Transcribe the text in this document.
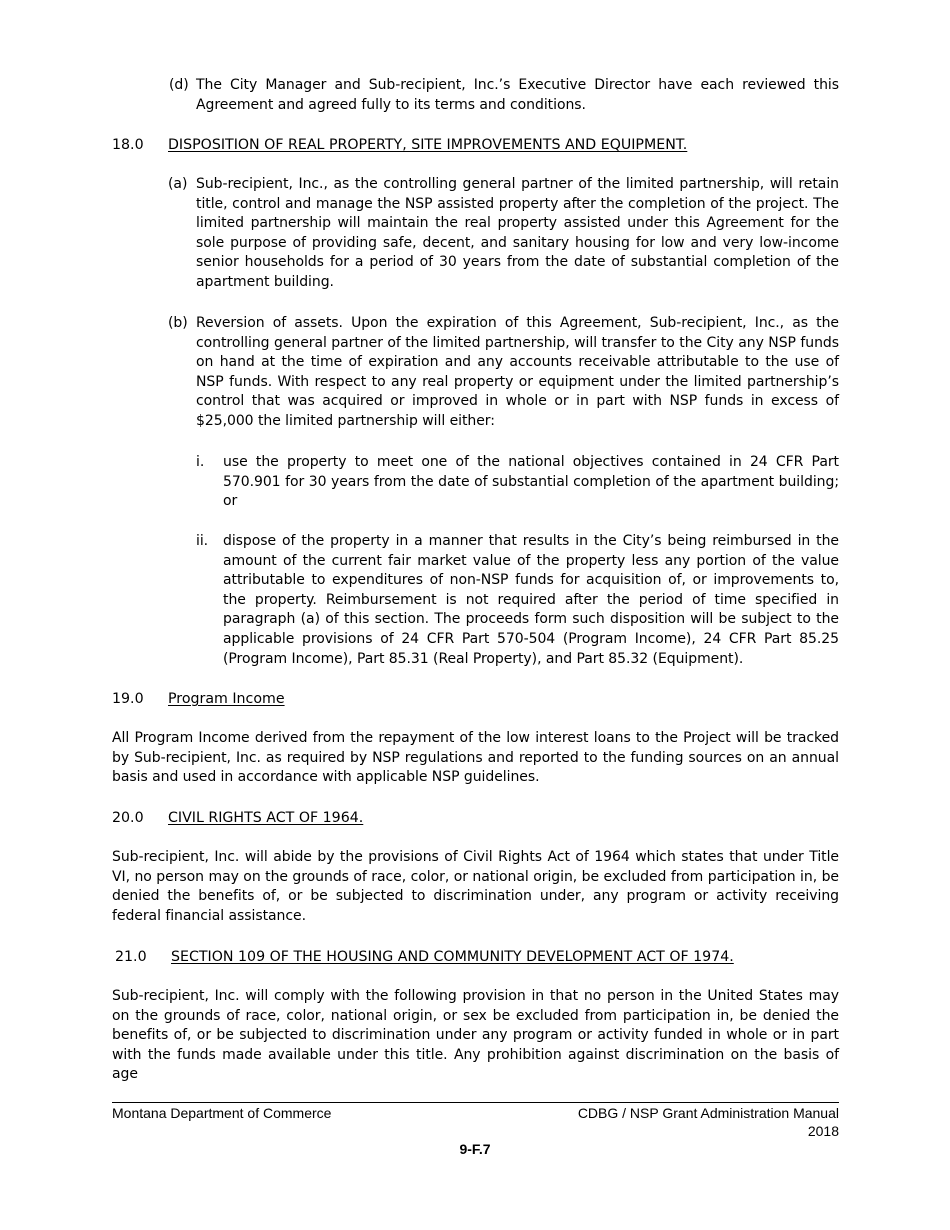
(d) The City Manager and Sub-recipient, Inc.’s Executive Director have each reviewed this Agreement and agreed fully to its terms and conditions.
18.0 DISPOSITION OF REAL PROPERTY, SITE IMPROVEMENTS AND EQUIPMENT.
(a) Sub-recipient, Inc., as the controlling general partner of the limited partnership, will retain title, control and manage the NSP assisted property after the completion of the project. The limited partnership will maintain the real property assisted under this Agreement for the sole purpose of providing safe, decent, and sanitary housing for low and very low-income senior households for a period of 30 years from the date of substantial completion of the apartment building.
(b) Reversion of assets. Upon the expiration of this Agreement, Sub-recipient, Inc., as the controlling general partner of the limited partnership, will transfer to the City any NSP funds on hand at the time of expiration and any accounts receivable attributable to the use of NSP funds. With respect to any real property or equipment under the limited partnership’s control that was acquired or improved in whole or in part with NSP funds in excess of $25,000 the limited partnership will either:
i. use the property to meet one of the national objectives contained in 24 CFR Part 570.901 for 30 years from the date of substantial completion of the apartment building; or
ii. dispose of the property in a manner that results in the City’s being reimbursed in the amount of the current fair market value of the property less any portion of the value attributable to expenditures of non-NSP funds for acquisition of, or improvements to, the property. Reimbursement is not required after the period of time specified in paragraph (a) of this section. The proceeds form such disposition will be subject to the applicable provisions of 24 CFR Part 570-504 (Program Income), 24 CFR Part 85.25 (Program Income), Part 85.31 (Real Property), and Part 85.32 (Equipment).
19.0 Program Income
All Program Income derived from the repayment of the low interest loans to the Project will be tracked by Sub-recipient, Inc. as required by NSP regulations and reported to the funding sources on an annual basis and used in accordance with applicable NSP guidelines.
20.0 CIVIL RIGHTS ACT OF 1964.
Sub-recipient, Inc. will abide by the provisions of Civil Rights Act of 1964 which states that under Title VI, no person may on the grounds of race, color, or national origin, be excluded from participation in, be denied the benefits of, or be subjected to discrimination under, any program or activity receiving federal financial assistance.
21.0 SECTION 109 OF THE HOUSING AND COMMUNITY DEVELOPMENT ACT OF 1974.
Sub-recipient, Inc. will comply with the following provision in that no person in the United States may on the grounds of race, color, national origin, or sex be excluded from participation in, be denied the benefits of, or be subjected to discrimination under any program or activity funded in whole or in part with the funds made available under this title. Any prohibition against discrimination on the basis of age
Montana Department of Commerce	CDBG / NSP Grant Administration Manual
2018
9-F.7
